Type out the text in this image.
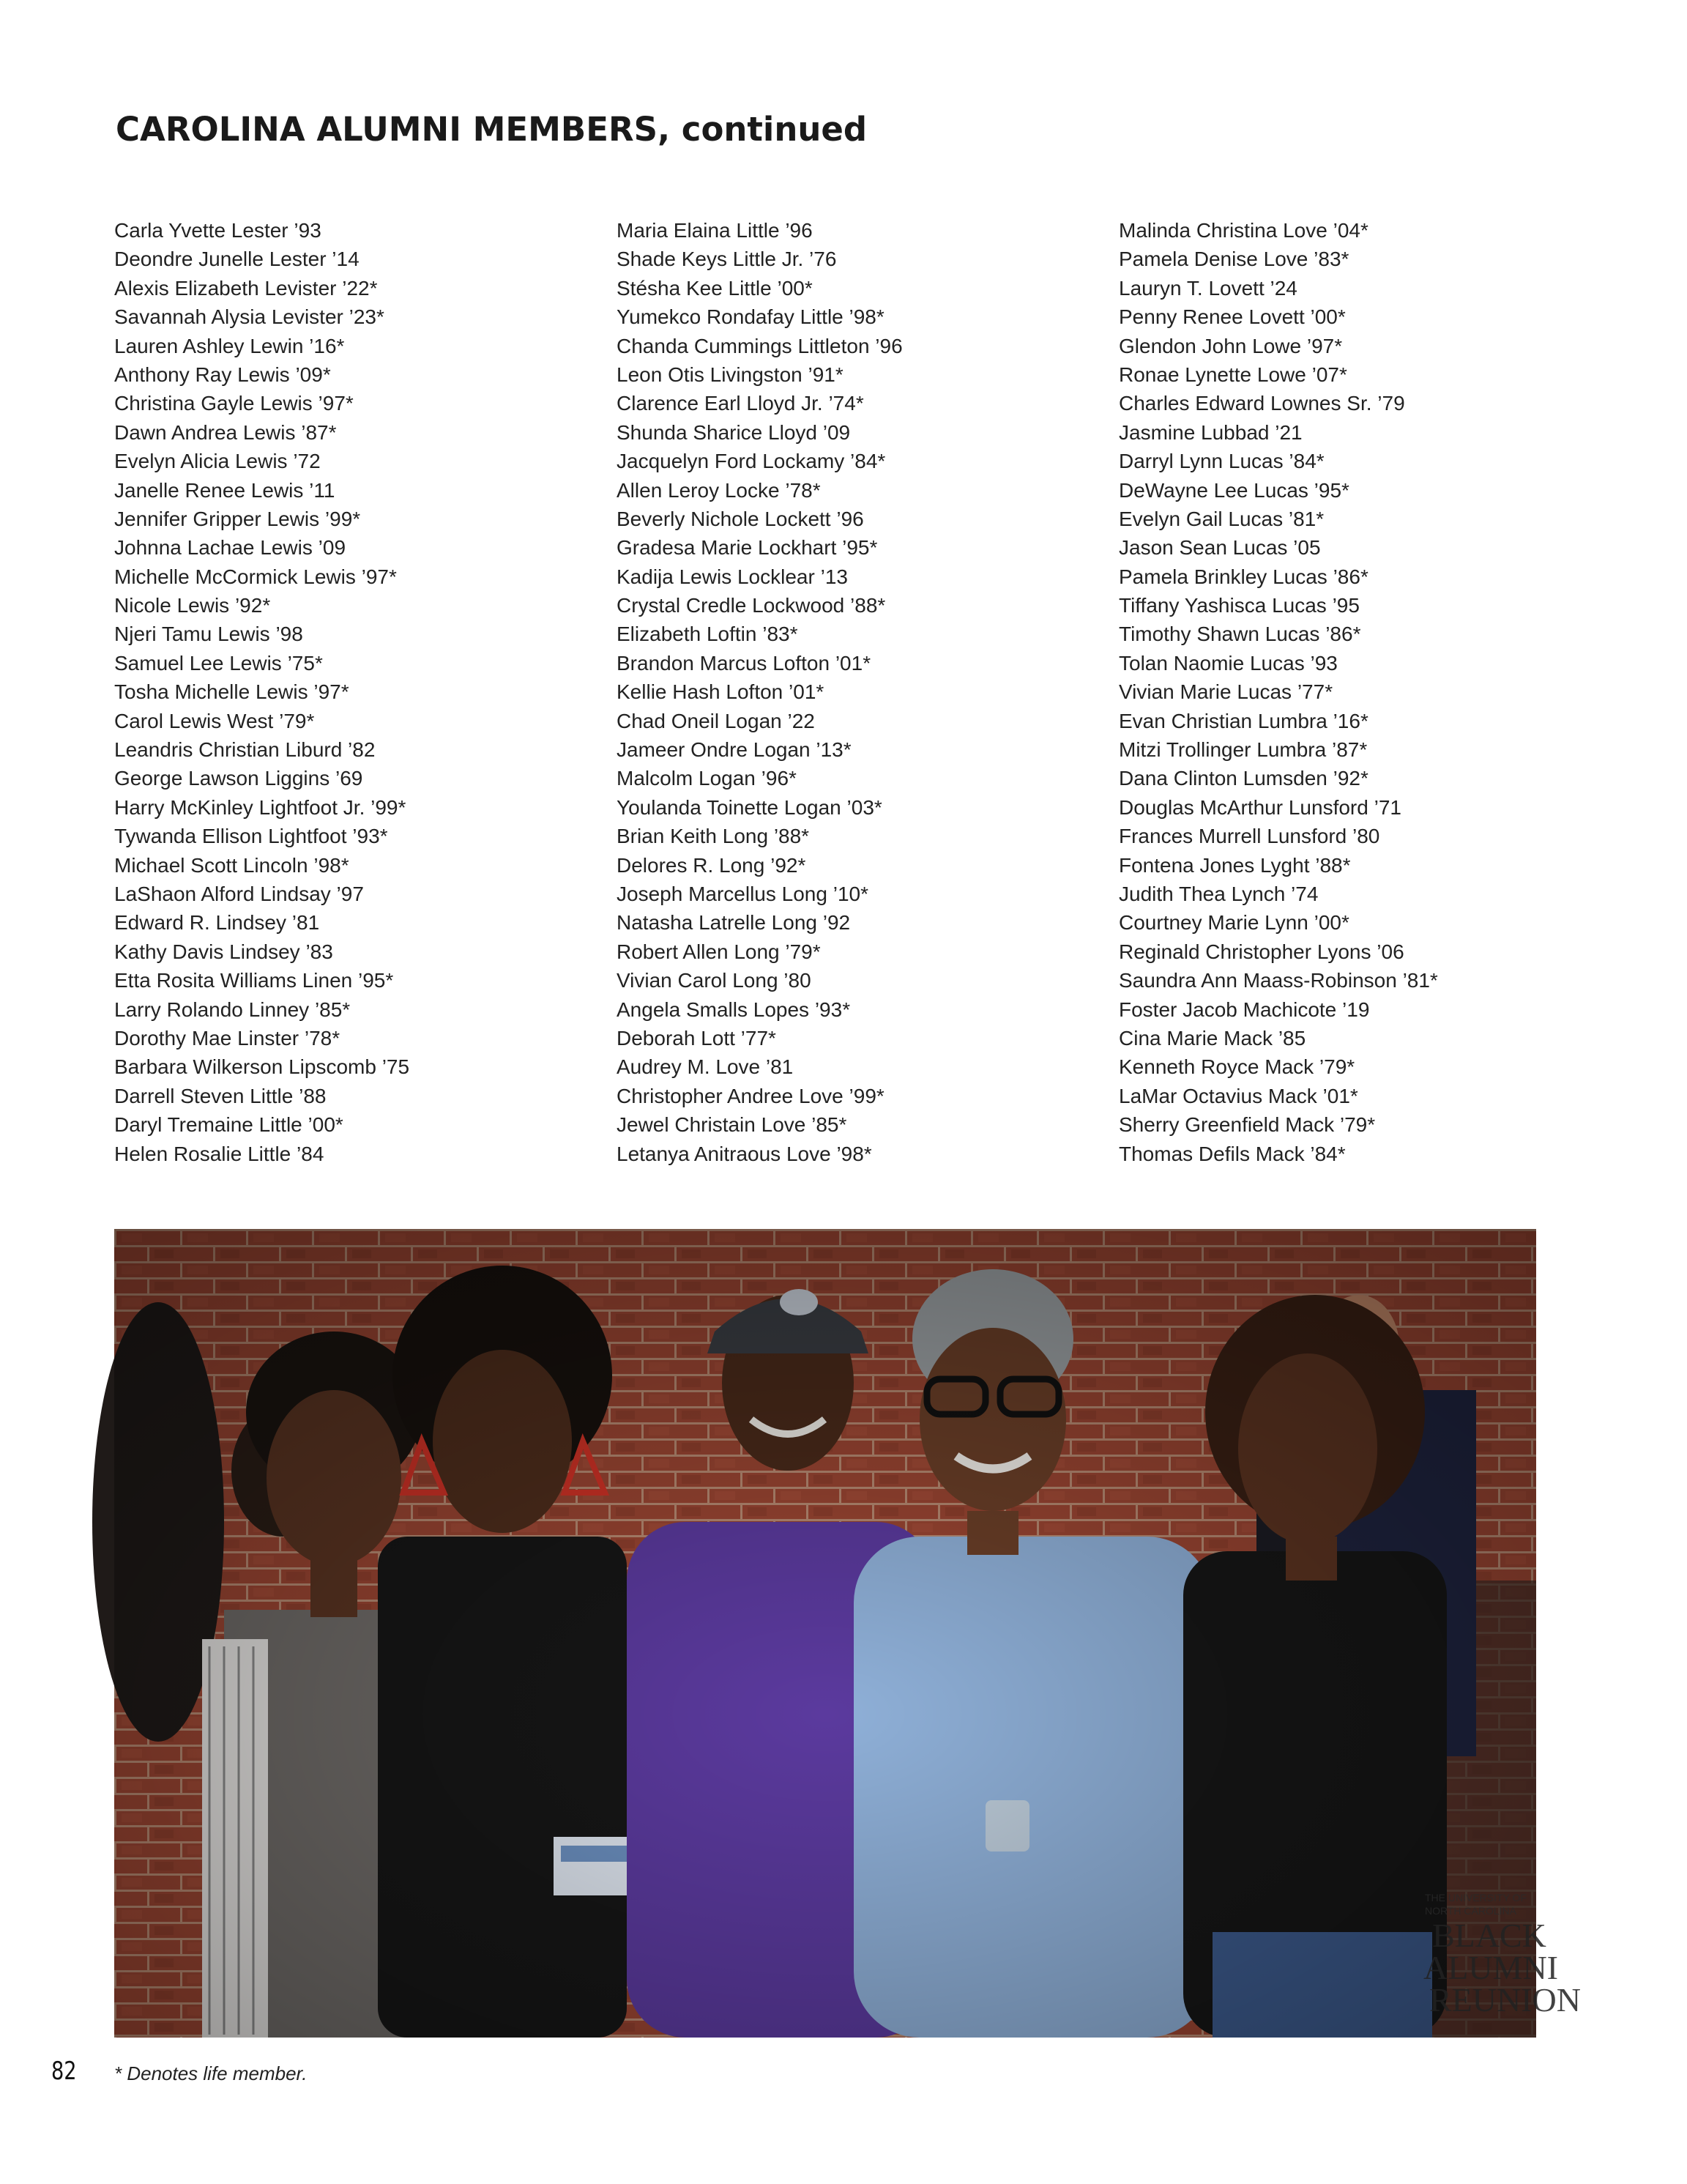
CAROLINA ALUMNI MEMBERS, continued
Carla Yvette Lester ’93
Deondre Junelle Lester ’14
Alexis Elizabeth Levister ’22*
Savannah Alysia Levister ’23*
Lauren Ashley Lewin ’16*
Anthony Ray Lewis ’09*
Christina Gayle Lewis ’97*
Dawn Andrea Lewis ’87*
Evelyn Alicia Lewis ’72
Janelle Renee Lewis ’11
Jennifer Gripper Lewis ’99*
Johnna Lachae Lewis ’09
Michelle McCormick Lewis ’97*
Nicole Lewis ’92*
Njeri Tamu Lewis ’98
Samuel Lee Lewis ’75*
Tosha Michelle Lewis ’97*
Carol Lewis West ’79*
Leandris Christian Liburd ’82
George Lawson Liggins ’69
Harry McKinley Lightfoot Jr. ’99*
Tywanda Ellison Lightfoot ’93*
Michael Scott Lincoln ’98*
LaShaon Alford Lindsay ’97
Edward R. Lindsey ’81
Kathy Davis Lindsey ’83
Etta Rosita Williams Linen ’95*
Larry Rolando Linney ’85*
Dorothy Mae Linster ’78*
Barbara Wilkerson Lipscomb ’75
Darrell Steven Little ’88
Daryl Tremaine Little ’00*
Helen Rosalie Little ’84
Maria Elaina Little ’96
Shade Keys Little Jr. ’76
Stésha Kee Little ’00*
Yumekco Rondafay Little ’98*
Chanda Cummings Littleton ’96
Leon Otis Livingston ’91*
Clarence Earl Lloyd Jr. ’74*
Shunda Sharice Lloyd ’09
Jacquelyn Ford Lockamy ’84*
Allen Leroy Locke ’78*
Beverly Nichole Lockett ’96
Gradesa Marie Lockhart ’95*
Kadija Lewis Locklear ’13
Crystal Credle Lockwood ’88*
Elizabeth Loftin ’83*
Brandon Marcus Lofton ’01*
Kellie Hash Lofton ’01*
Chad Oneil Logan ’22
Jameer Ondre Logan ’13*
Malcolm Logan ’96*
Youlanda Toinette Logan ’03*
Brian Keith Long ’88*
Delores R. Long ’92*
Joseph Marcellus Long ’10*
Natasha Latrelle Long ’92
Robert Allen Long ’79*
Vivian Carol Long ’80
Angela Smalls Lopes ’93*
Deborah Lott ’77*
Audrey M. Love ’81
Christopher Andree Love ’99*
Jewel Christain Love ’85*
Letanya Anitraous Love ’98*
Malinda Christina Love ’04*
Pamela Denise Love ’83*
Lauryn T. Lovett ’24
Penny Renee Lovett ’00*
Glendon John Lowe ’97*
Ronae Lynette Lowe ’07*
Charles Edward Lownes Sr. ’79
Jasmine Lubbad ’21
Darryl Lynn Lucas ’84*
DeWayne Lee Lucas ’95*
Evelyn Gail Lucas ’81*
Jason Sean Lucas ’05
Pamela Brinkley Lucas ’86*
Tiffany Yashisca Lucas ’95
Timothy Shawn Lucas ’86*
Tolan Naomie Lucas ’93
Vivian Marie Lucas ’77*
Evan Christian Lumbra ’16*
Mitzi Trollinger Lumbra ’87*
Dana Clinton Lumsden ’92*
Douglas McArthur Lunsford ’71
Frances Murrell Lunsford ’80
Fontena Jones Lyght ’88*
Judith Thea Lynch ’74
Courtney Marie Lynn ’00*
Reginald Christopher Lyons ’06
Saundra Ann Maass-Robinson ’81*
Foster Jacob Machicote ’19
Cina Marie Mack ’85
Kenneth Royce Mack ’79*
LaMar Octavius Mack ’01*
Sherry Greenfield Mack ’79*
Thomas Defils Mack ’84*
THE UNIVERSITY OF
NORTH CAROLINA
BLACK
ALUMNI
REUNION
82 * Denotes life member.
